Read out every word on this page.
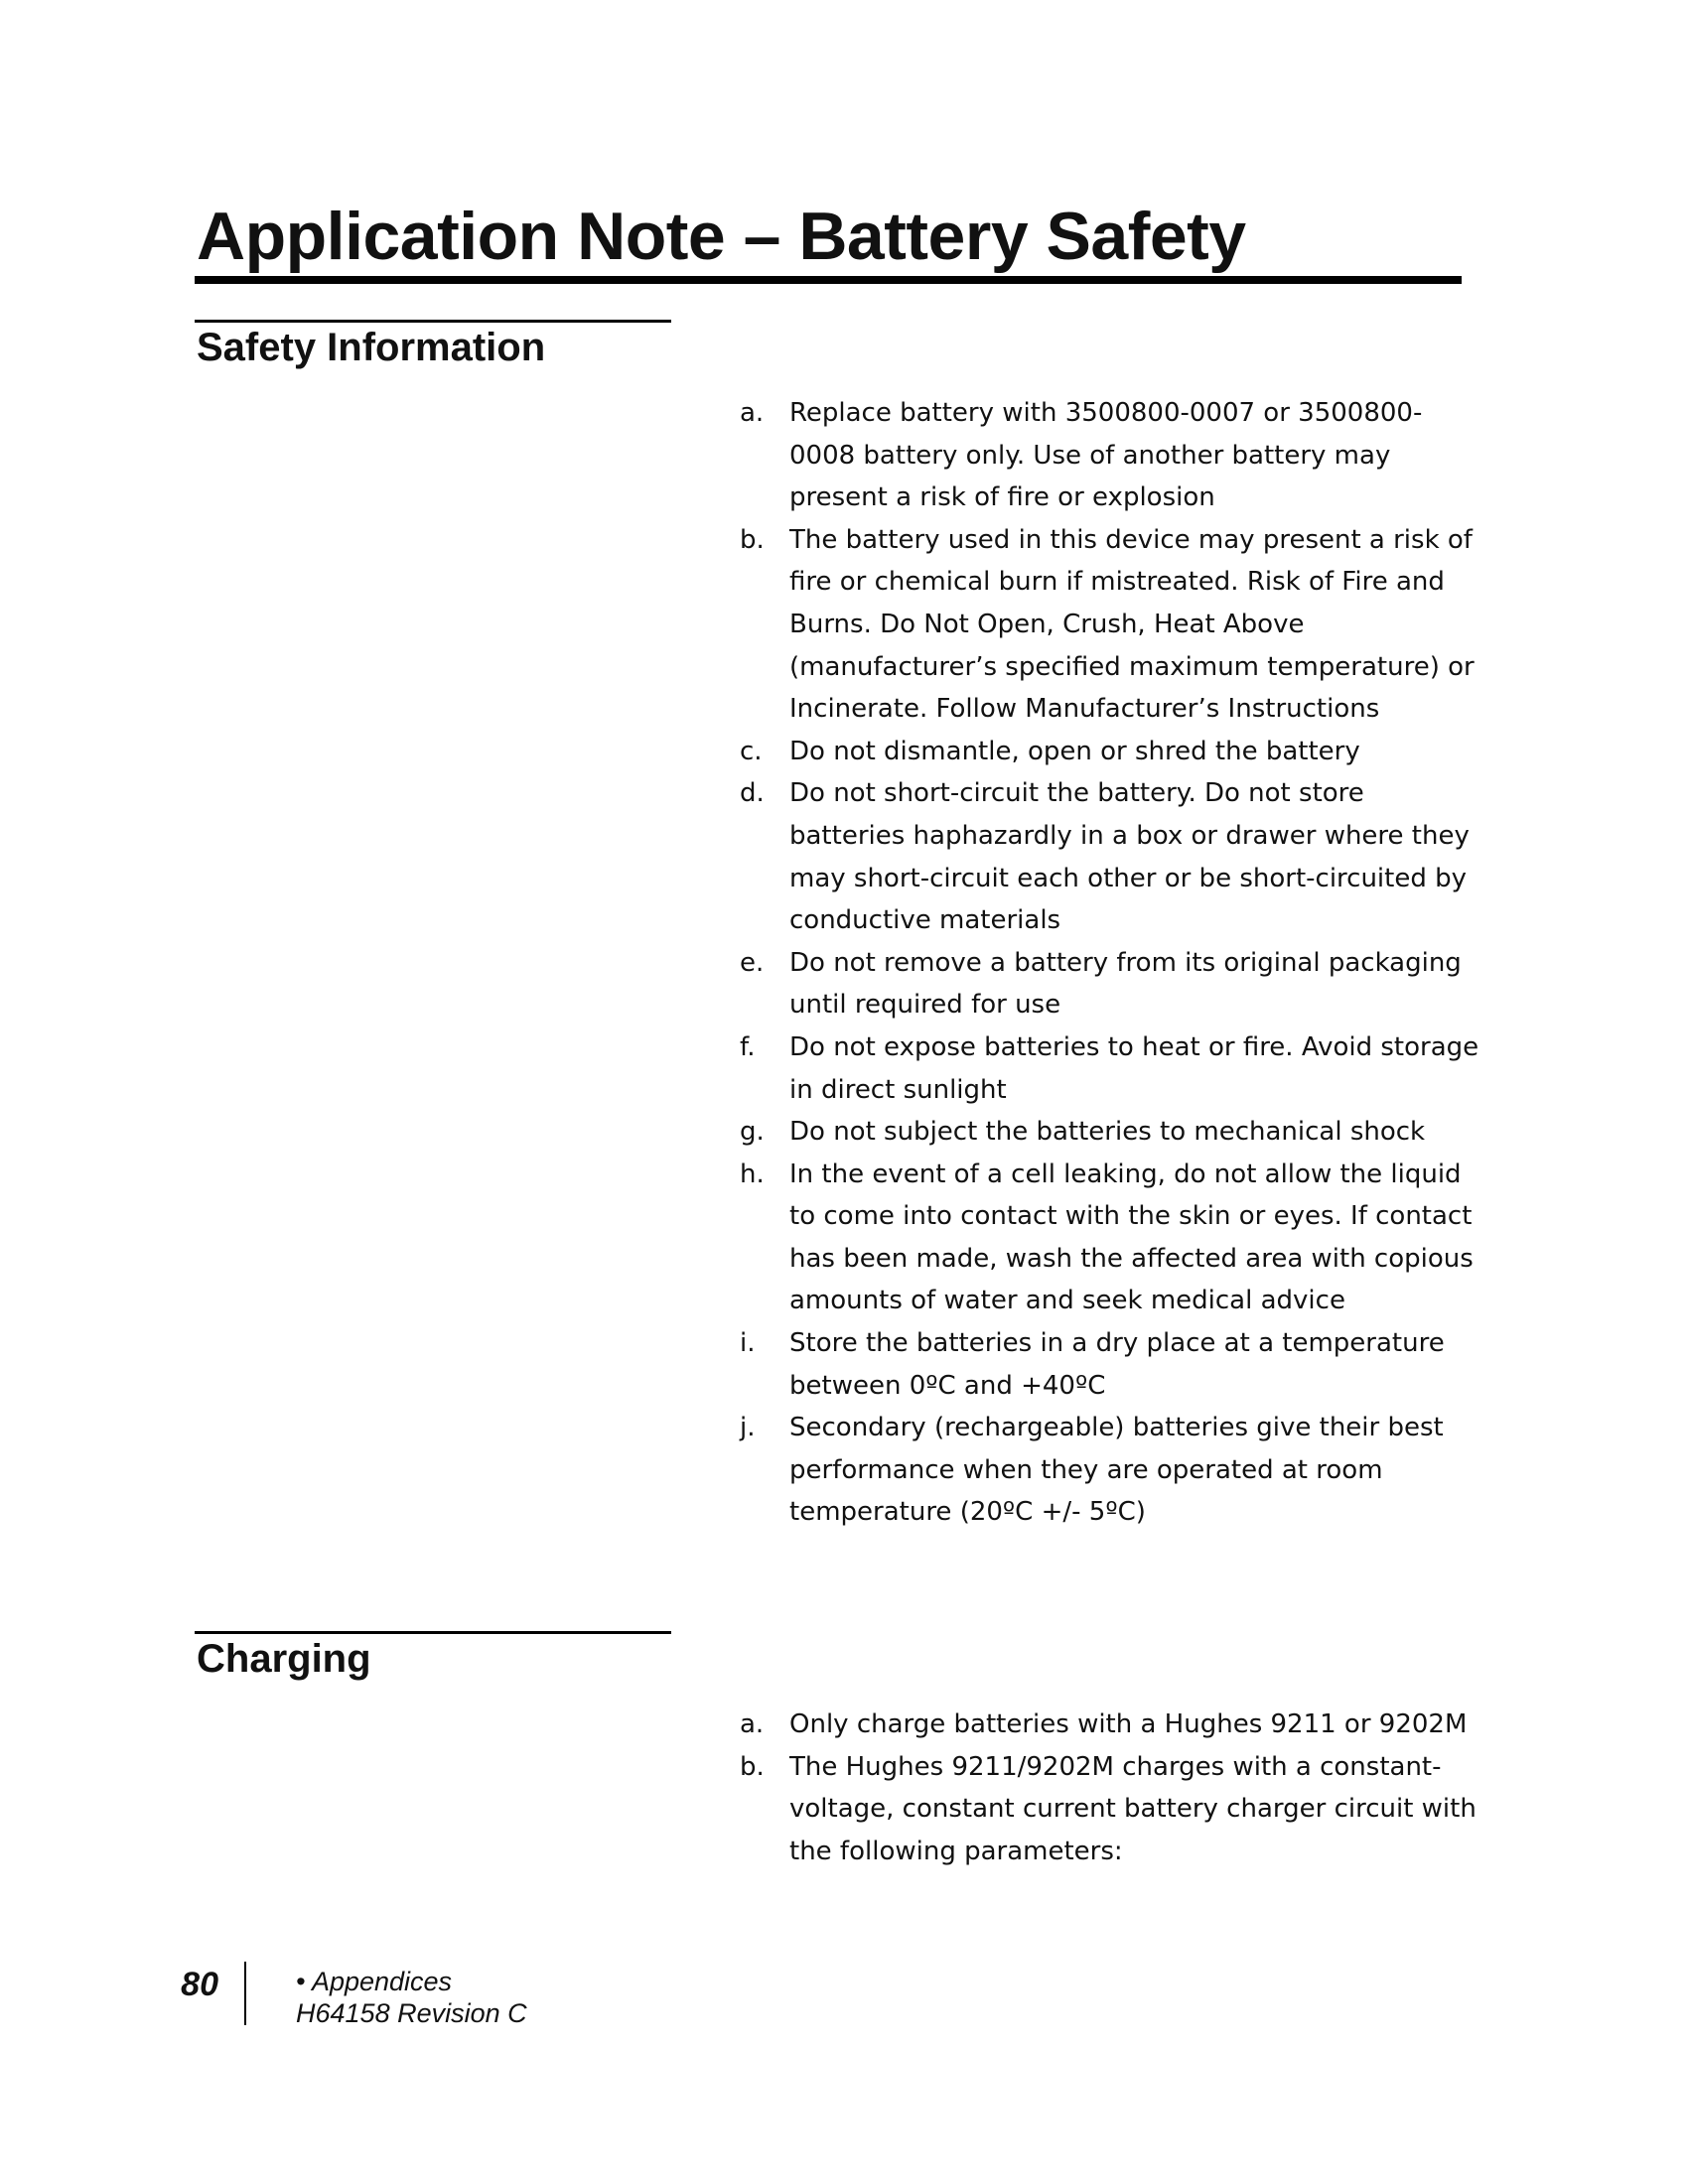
Application Note – Battery Safety
Safety Information
a. Replace battery with 3500800-0007 or 3500800-0008 battery only. Use of another battery may present a risk of fire or explosion
b. The battery used in this device may present a risk of fire or chemical burn if mistreated. Risk of Fire and Burns. Do Not Open, Crush, Heat Above (manufacturer’s specified maximum temperature) or Incinerate. Follow Manufacturer’s Instructions
c. Do not dismantle, open or shred the battery
d. Do not short-circuit the battery. Do not store batteries haphazardly in a box or drawer where they may short-circuit each other or be short-circuited by conductive materials
e. Do not remove a battery from its original packaging until required for use
f. Do not expose batteries to heat or fire. Avoid storage in direct sunlight
g. Do not subject the batteries to mechanical shock
h. In the event of a cell leaking, do not allow the liquid to come into contact with the skin or eyes. If contact has been made, wash the affected area with copious amounts of water and seek medical advice
i. Store the batteries in a dry place at a temperature between 0ºC and +40ºC
j. Secondary (rechargeable) batteries give their best performance when they are operated at room temperature (20ºC +/- 5ºC)
Charging
a. Only charge batteries with a Hughes 9211 or 9202M
b. The Hughes 9211/9202M charges with a constant-voltage, constant current battery charger circuit with the following parameters:
80	• Appendices
H64158 Revision C
